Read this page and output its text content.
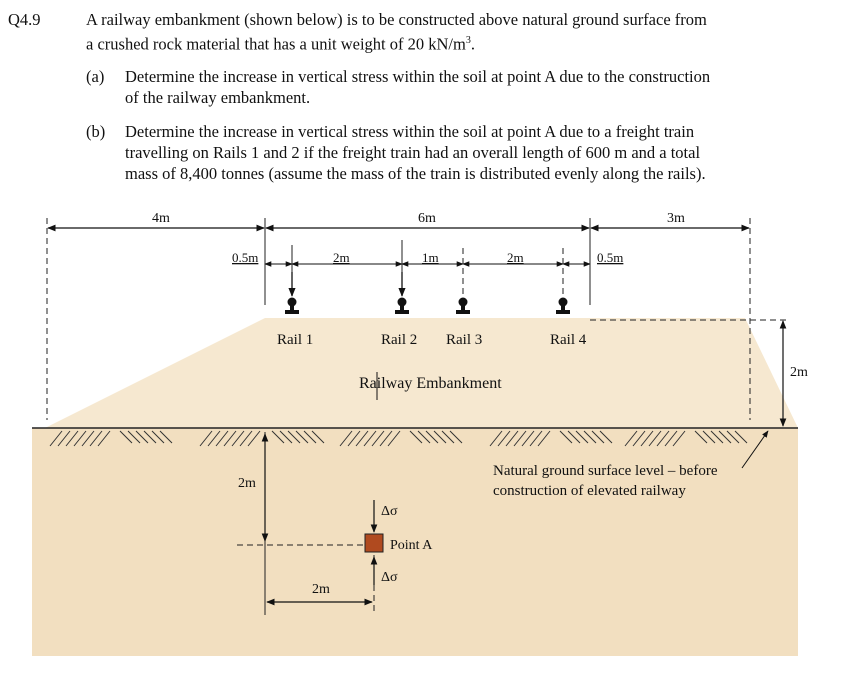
Q4.9	A railway embankment (shown below) is to be constructed above natural ground surface from
a crushed rock material that has a unit weight of 20 $kN/m^3$.
(a) Determine the increase in vertical stress within the soil at point A due to the construction
of the railway embankment.
(b) Determine the increase in vertical stress within the soil at point A due to a freight train
travelling on Rails 1 and 2 if the freight train had an overall length of 600 m and a total
mass of 8,400 tonnes (assume the mass of the train is distributed evenly along the rails).
4m	6m	3m
0.5m	2m	1m	2m	0.5m
Rail 1	Rail 2 Rail 3	Rail 4
Railway Embankment
2m
Natural ground surface level – before
construction of elevated railway
2m
2m
Δσ
Δσ
Point A
